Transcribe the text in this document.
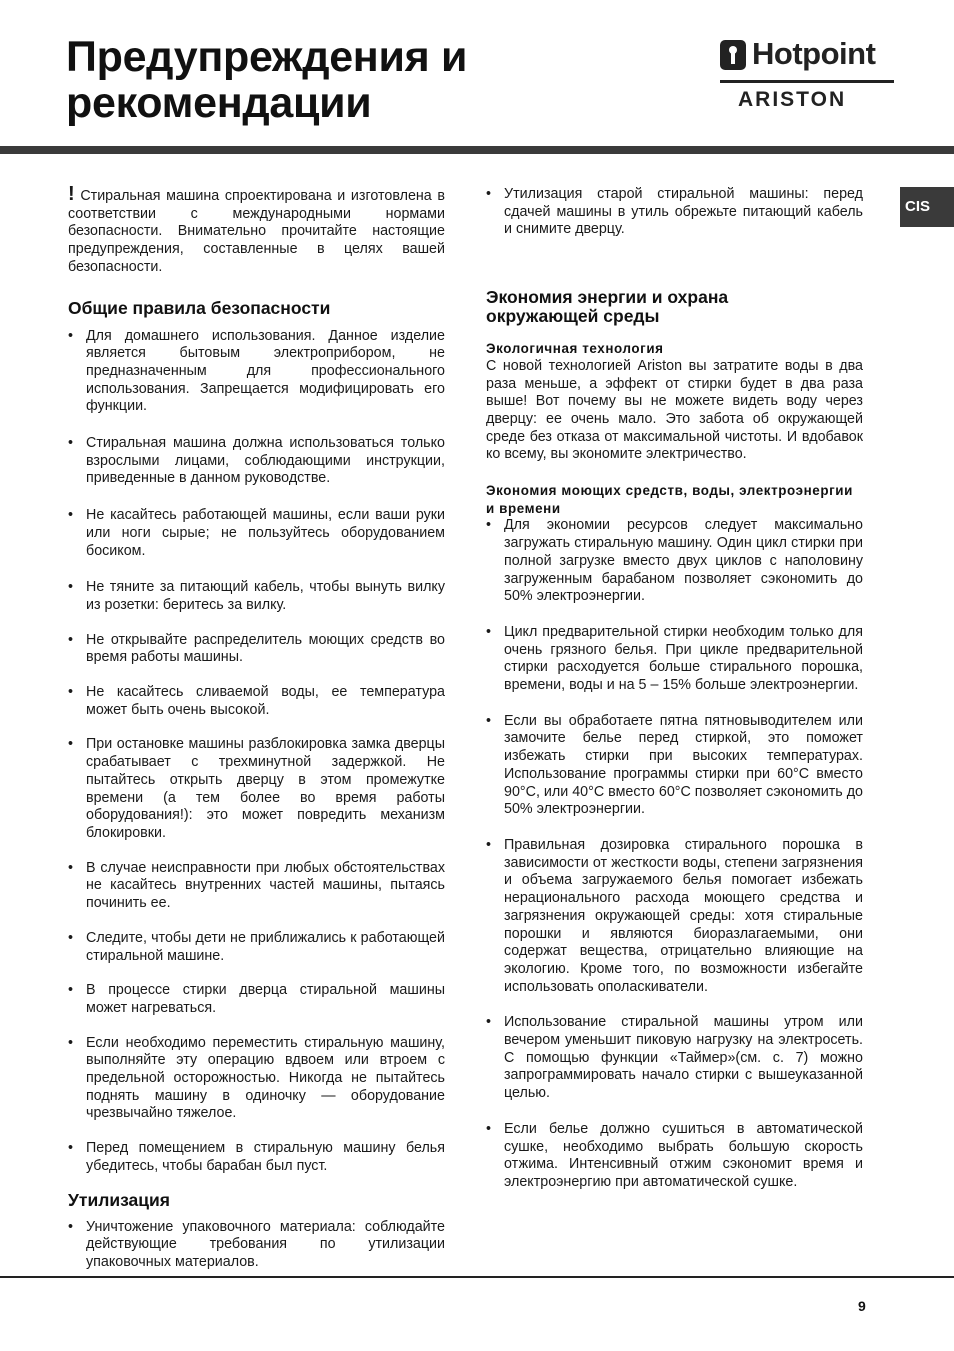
Предупреждения и
рекомендации
Hotpoint
ARISTON
CIS

! Стиральная машина спроектирована и изготовлена в соответствии с международными нормами безопасности. Внимательно прочитайте настоящие предупреждения, составленные в целях вашей безопасности.

Общие правила безопасности
• Для домашнего использования. Данное изделие является бытовым электроприбором, не предназначенным для профессионального использования. Запрещается модифицировать его функции.
• Стиральная машина должна использоваться только взрослыми лицами, соблюдающими инструкции, приведенные в данном руководстве.
• Не касайтесь работающей машины, если ваши руки или ноги сырые; не пользуйтесь оборудованием босиком.
• Не тяните за питающий кабель, чтобы вынуть вилку из розетки: беритесь за вилку.
• Не открывайте распределитель моющих средств во время работы машины.
• Не касайтесь сливаемой воды, ее температура может быть очень высокой.
• При остановке машины разблокировка замка дверцы срабатывает с трехминутной задержкой. Не пытайтесь открыть дверцу в этом промежутке времени (а тем более во время работы оборудования!): это может повредить механизм блокировки.
• В случае неисправности при любых обстоятельствах не касайтесь внутренних частей машины, пытаясь починить ее.
• Следите, чтобы дети не приближались к работающей стиральной машине.
• В процессе стирки дверца стиральной машины может нагреваться.
• Если необходимо переместить стиральную машину, выполняйте эту операцию вдвоем или втроем с предельной осторожностью. Никогда не пытайтесь поднять машину в одиночку — оборудование чрезвычайно тяжелое.
• Перед помещением в стиральную машину белья убедитесь, чтобы барабан был пуст.
Утилизация
• Уничтожение упаковочного материала: соблюдайте действующие требования по утилизации упаковочных материалов.
• Утилизация старой стиральной машины: перед сдачей машины в утиль обрежьте питающий кабель и снимите дверцу.
Экономия энергии и охрана окружающей среды
Экологичная технология

С новой технологией Ariston вы затратите воды в два раза меньше, а эффект от стирки будет в два раза выше! Вот почему вы не можете видеть воду через дверцу: ее очень мало. Это забота об окружающей среде без отказа от максимальной чистоты. И вдобавок ко всему, вы экономите электричество.

Экономия моющих средств, воды, электроэнергии и времени
• Для экономии ресурсов следует максимально загружать стиральную машину. Один цикл стирки при полной загрузке вместо двух циклов с наполовину загруженным барабаном позволяет сэкономить до 50% электроэнергии.
• Цикл предварительной стирки необходим только для очень грязного белья. При цикле предварительной стирки расходуется больше стирального порошка, времени, воды и на 5 – 15% больше электроэнергии.
• Если вы обработаете пятна пятновыводителем или замочите белье перед стиркой, это поможет избежать стирки при высоких температурах. Использование программы стирки при 60°C вместо 90°C, или 40°C вместо 60°C позволяет сэкономить до 50% электроэнергии.
• Правильная дозировка стирального порошка в зависимости от жесткости воды, степени загрязнения и объема загружаемого белья помогает избежать нерационального расхода моющего средства и загрязнения окружающей среды: хотя стиральные порошки и являются биоразлагаемыми, они содержат вещества, отрицательно влияющие на экологию. Кроме того, по возможности избегайте использовать ополаскиватели.
• Использование стиральной машины утром или вечером уменьшит пиковую нагрузку на электросеть. С помощью функции «Таймер»(см. с. 7) можно запрограммировать начало стирки с вышеуказанной целью.
• Если белье должно сушиться в автоматической сушке, необходимо выбрать большую скорость отжима. Интенсивный отжим сэкономит время и электроэнергию при автоматической сушке.
9
